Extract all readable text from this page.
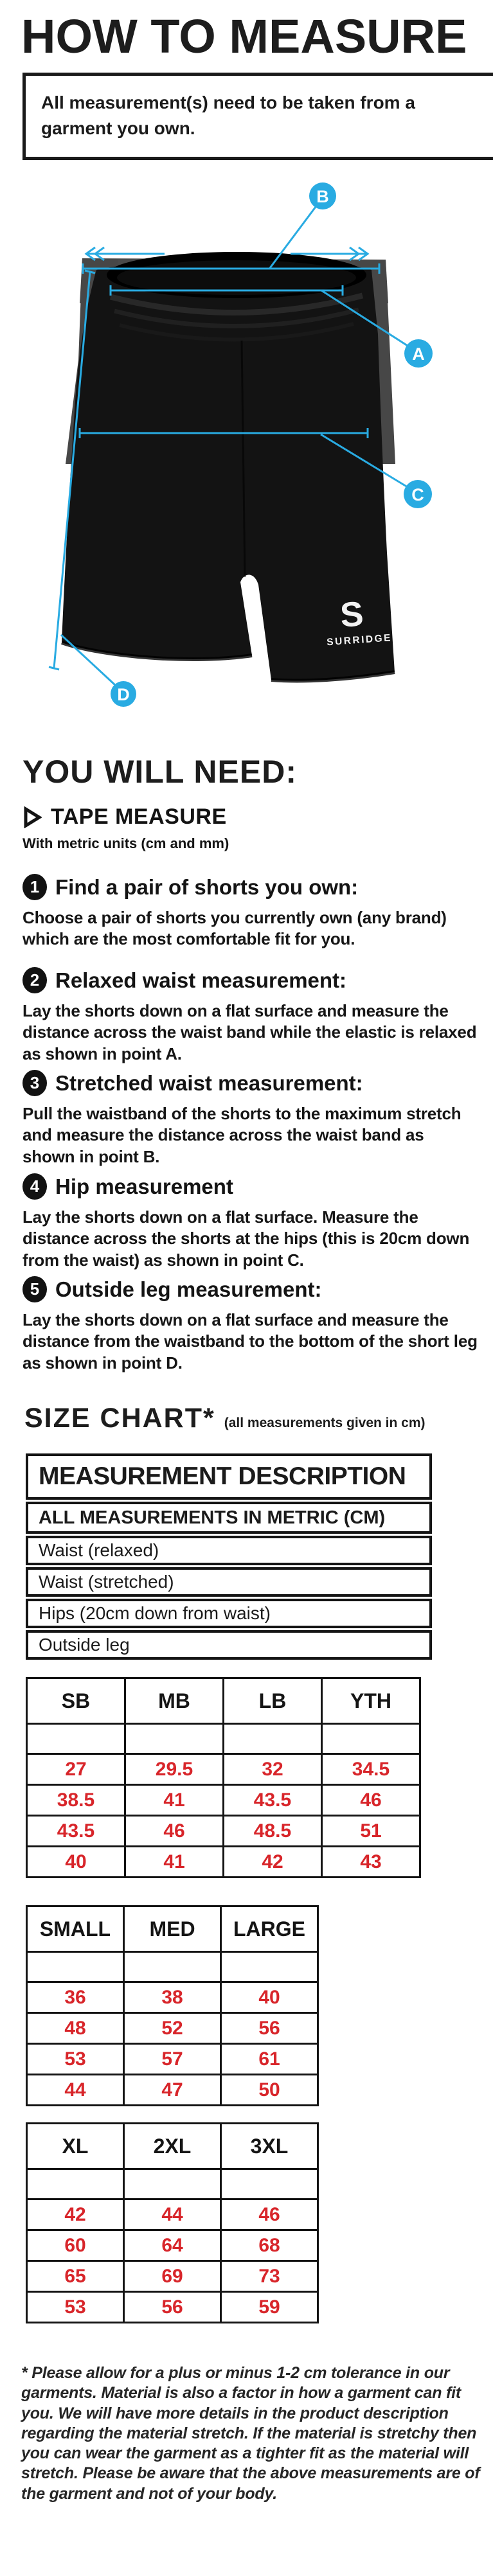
HOW TO MEASURE

All measurement(s) need to be taken from a garment you own.

S
SURRIDGE
B
A
C
D
YOU WILL NEED:
TAPE MEASURE
With metric units (cm and mm)
1 Find a pair of shorts you own:
Choose a pair of shorts you currently own (any brand) which are the most comfortable fit for you.
2 Relaxed waist measurement:
Lay the shorts down on a flat surface and measure the distance across the waist band while the elastic is relaxed as shown in point A.
3 Stretched waist measurement:
Pull the waistband of the shorts to the maximum stretch and measure the distance across the waist band as shown in point B.
4 Hip measurement
Lay the shorts down on a flat surface. Measure the distance across the shorts at the hips (this is 20cm down from the waist) as shown in point C.
5 Outside leg measurement:
Lay the shorts down on a flat surface and measure the distance from the waistband to the bottom of the short leg as shown in point D.
SIZE CHART* (all measurements given in cm)
MEASUREMENT DESCRIPTION
ALL MEASUREMENTS IN METRIC (CM)
Waist (relaxed)
Waist (stretched)
Hips (20cm down from waist)
Outside leg
SB	MB	LB	YTH

27	29.5	32	34.5
38.5	41	43.5	46
43.5	46	48.5	51
40	41	42	43
SMALL	MED	LARGE

36	38	40
48	52	56
53	57	61
44	47	50
XL	2XL	3XL

42	44	46
60	64	68
65	69	73
53	56	59
* Please allow for a plus or minus 1-2 cm tolerance in our garments. Material is also a factor in how a garment can fit you. We will have more details in the product description regarding the material stretch. If the material is stretchy then you can wear the garment as a tighter fit as the material will stretch. Please be aware that the above measurements are of the garment and not of your body.
